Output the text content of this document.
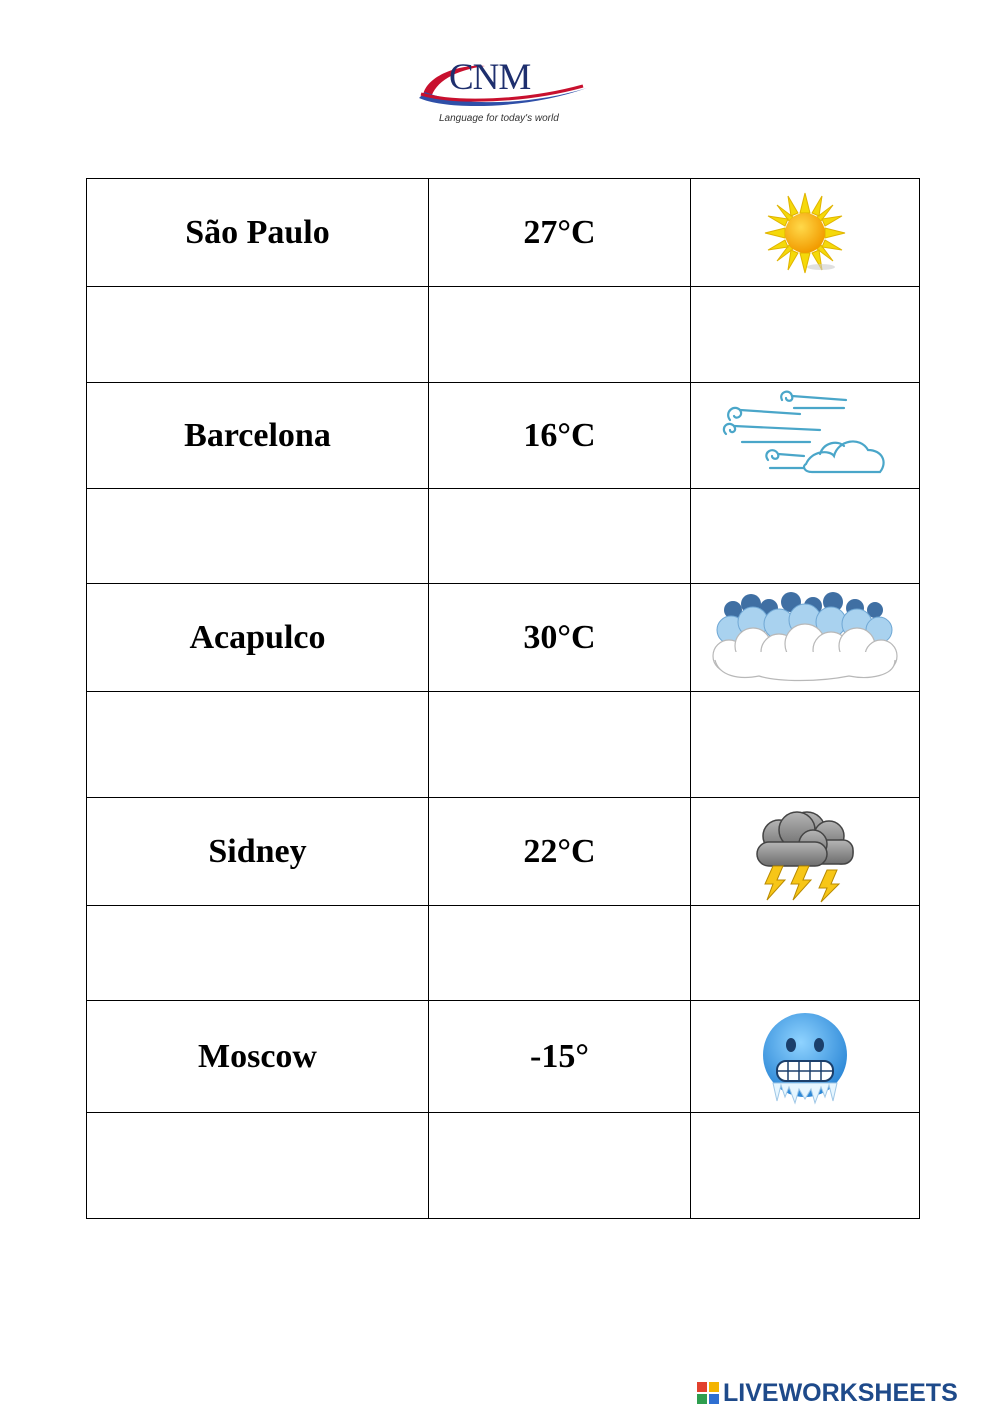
CNM
Language for today's world
São Paulo	27°C	

Barcelona	16°C	

Acapulco	30°C	

Sidney	22°C	

Moscow	-15°	

LIVEWORKSHEETS
